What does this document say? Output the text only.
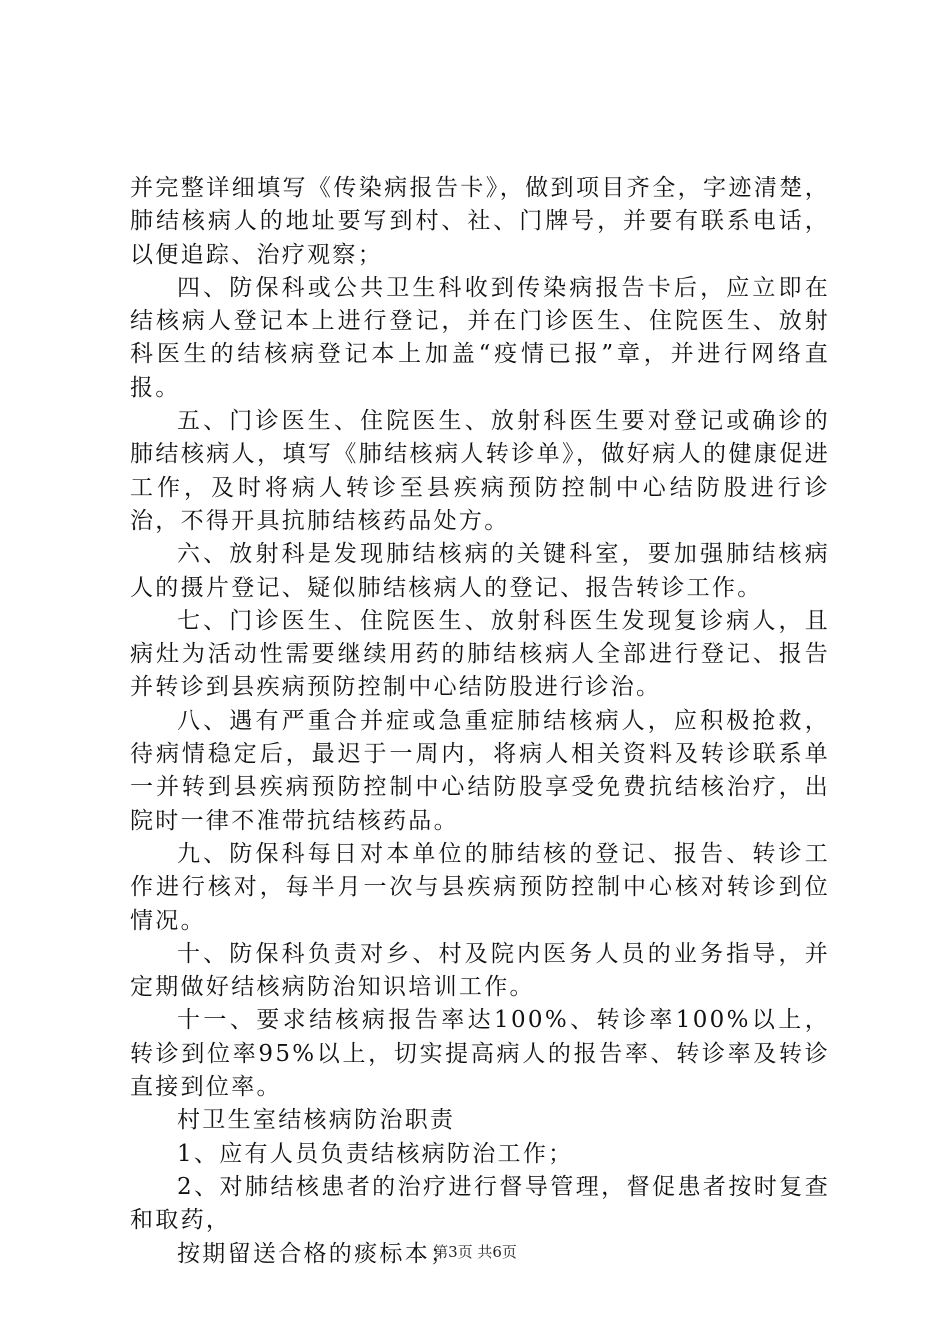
并完整详细填写《传染病报告卡》，做到项目齐全，字迹清楚，肺结核病人的地址要写到村、社、门牌号，并要有联系电话，以便追踪、治疗观察；

四、防保科或公共卫生科收到传染病报告卡后，应立即在结核病人登记本上进行登记，并在门诊医生、住院医生、放射科医生的结核病登记本上加盖“疫情已报”章，并进行网络直报。

五、门诊医生、住院医生、放射科医生要对登记或确诊的肺结核病人，填写《肺结核病人转诊单》，做好病人的健康促进工作，及时将病人转诊至县疾病预防控制中心结防股进行诊治，不得开具抗肺结核药品处方。

六、放射科是发现肺结核病的关键科室，要加强肺结核病人的摄片登记、疑似肺结核病人的登记、报告转诊工作。

七、门诊医生、住院医生、放射科医生发现复诊病人，且病灶为活动性需要继续用药的肺结核病人全部进行登记、报告并转诊到县疾病预防控制中心结防股进行诊治。

八、遇有严重合并症或急重症肺结核病人，应积极抢救，待病情稳定后，最迟于一周内，将病人相关资料及转诊联系单一并转到县疾病预防控制中心结防股享受免费抗结核治疗，出院时一律不准带抗结核药品。

九、防保科每日对本单位的肺结核的登记、报告、转诊工作进行核对，每半月一次与县疾病预防控制中心核对转诊到位情况。

十、防保科负责对乡、村及院内医务人员的业务指导，并定期做好结核病防治知识培训工作。

十一、要求结核病报告率达100%、转诊率100%以上，转诊到位率95%以上，切实提高病人的报告率、转诊率及转诊直接到位率。

村卫生室结核病防治职责

1、应有人员负责结核病防治工作；

2、对肺结核患者的治疗进行督导管理，督促患者按时复查和取药，

按期留送合格的痰标本；

第3页 共6页
